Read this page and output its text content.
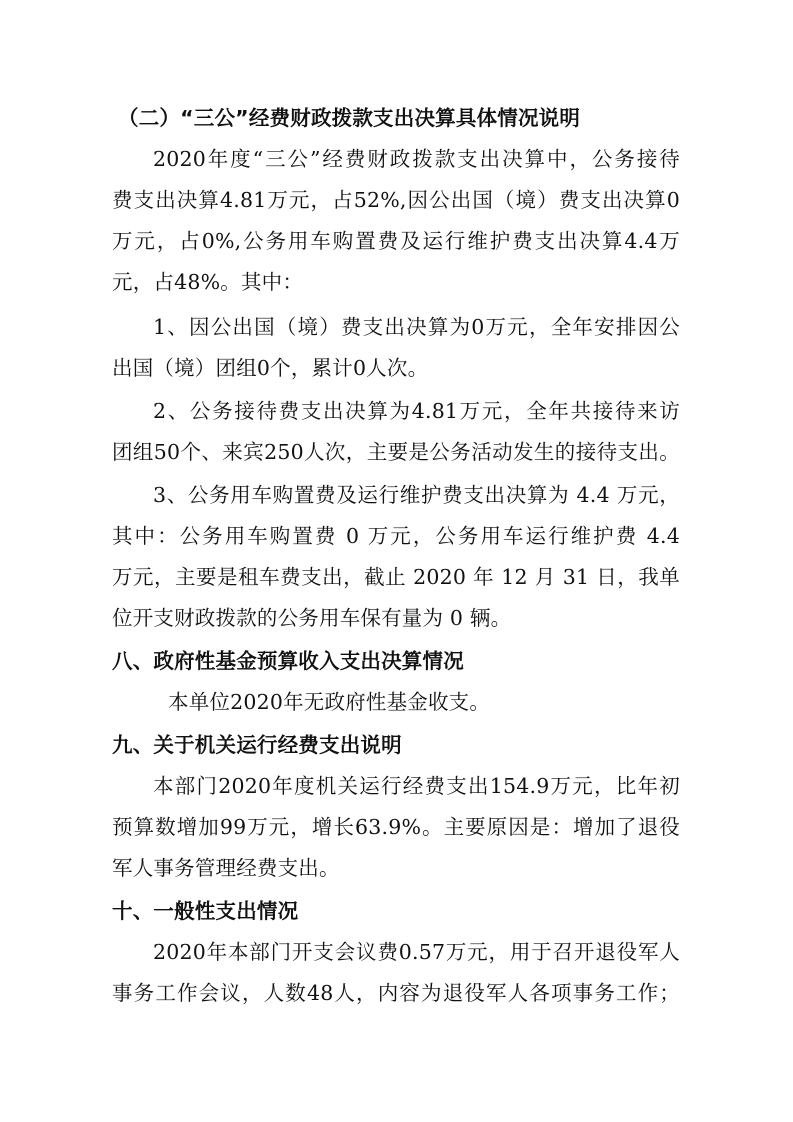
（二）“三公”经费财政拨款支出决算具体情况说明
2020年度“三公”经费财政拨款支出决算中，公务接待
费支出决算4.81万元，占52%,因公出国（境）费支出决算0
万元，占0%,公务用车购置费及运行维护费支出决算4.4万
元，占48%。其中：
1、因公出国（境）费支出决算为0万元，全年安排因公
出国（境）团组0个，累计0人次。
2、公务接待费支出决算为4.81万元，全年共接待来访
团组50个、来宾250人次，主要是公务活动发生的接待支出。
3、公务用车购置费及运行维护费支出决算为 4.4 万元，
其中：公务用车购置费 0 万元，公务用车运行维护费 4.4
万元，主要是租车费支出，截止 2020 年 12 月 31 日，我单
位开支财政拨款的公务用车保有量为 0 辆。
八、政府性基金预算收入支出决算情况
本单位2020年无政府性基金收支。
九、关于机关运行经费支出说明
本部门2020年度机关运行经费支出154.9万元，比年初
预算数增加99万元，增长63.9%。主要原因是：增加了退役
军人事务管理经费支出。
十、一般性支出情况
2020年本部门开支会议费0.57万元，用于召开退役军人
事务工作会议，人数48人，内容为退役军人各项事务工作；
